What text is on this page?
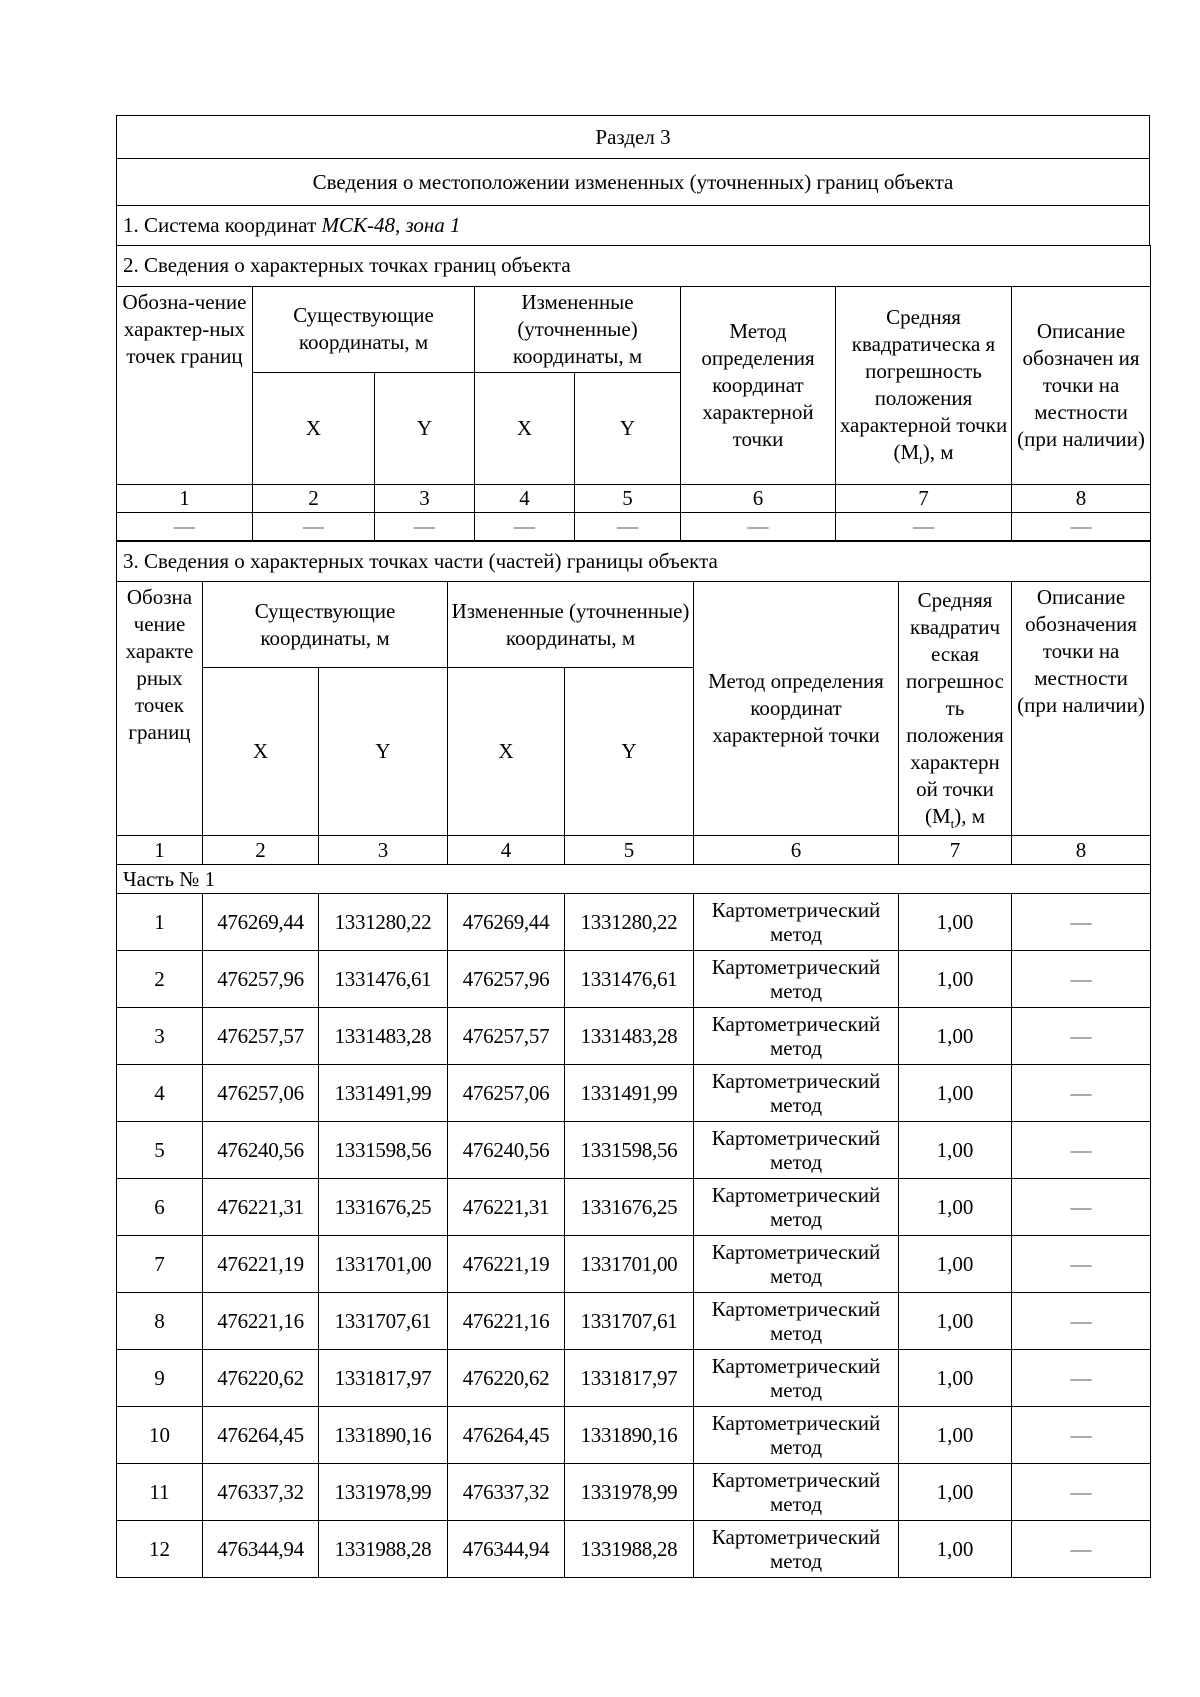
Раздел 3
Сведения о местоположении измененных (уточненных) границ объекта
1. Система координат МСК-48, зона 1
2. Сведения о характерных точках границ объекта							
Обозна-чение характер-ных точек границ	Существующие координаты, м		Измененные (уточненные) координаты, м		Метод определения координат характерной точки	Средняя квадратическа я погрешность положения характерной точки $(M_t)$, м	Описание обозначен ия точки на местности (при наличии)
	X	Y	X	Y			
1	2	3	4	5	6	7	8
—	—	—	—	—	—	—	—
3. Сведения о характерных точках части (частей) границы объекта							
Обозна чение характе рных точек границ	Существующие координаты, м		Измененные (уточненные) координаты, м		Метод определения координат характерной точки	Средняя квадратич еская погрешнос ть положения характерн ой точки $(M_t)$, м	Описание обозначения точки на местности (при наличии)
	X	Y	X	Y			
1	2	3	4	5	6	7	8
Часть № 1							
1	476269,44	1331280,22	476269,44	1331280,22	Картометрический метод	1,00	—
2	476257,96	1331476,61	476257,96	1331476,61	Картометрический метод	1,00	—
3	476257,57	1331483,28	476257,57	1331483,28	Картометрический метод	1,00	—
4	476257,06	1331491,99	476257,06	1331491,99	Картометрический метод	1,00	—
5	476240,56	1331598,56	476240,56	1331598,56	Картометрический метод	1,00	—
6	476221,31	1331676,25	476221,31	1331676,25	Картометрический метод	1,00	—
7	476221,19	1331701,00	476221,19	1331701,00	Картометрический метод	1,00	—
8	476221,16	1331707,61	476221,16	1331707,61	Картометрический метод	1,00	—
9	476220,62	1331817,97	476220,62	1331817,97	Картометрический метод	1,00	—
10	476264,45	1331890,16	476264,45	1331890,16	Картометрический метод	1,00	—
11	476337,32	1331978,99	476337,32	1331978,99	Картометрический метод	1,00	—
12	476344,94	1331988,28	476344,94	1331988,28	Картометрический метод	1,00	—
